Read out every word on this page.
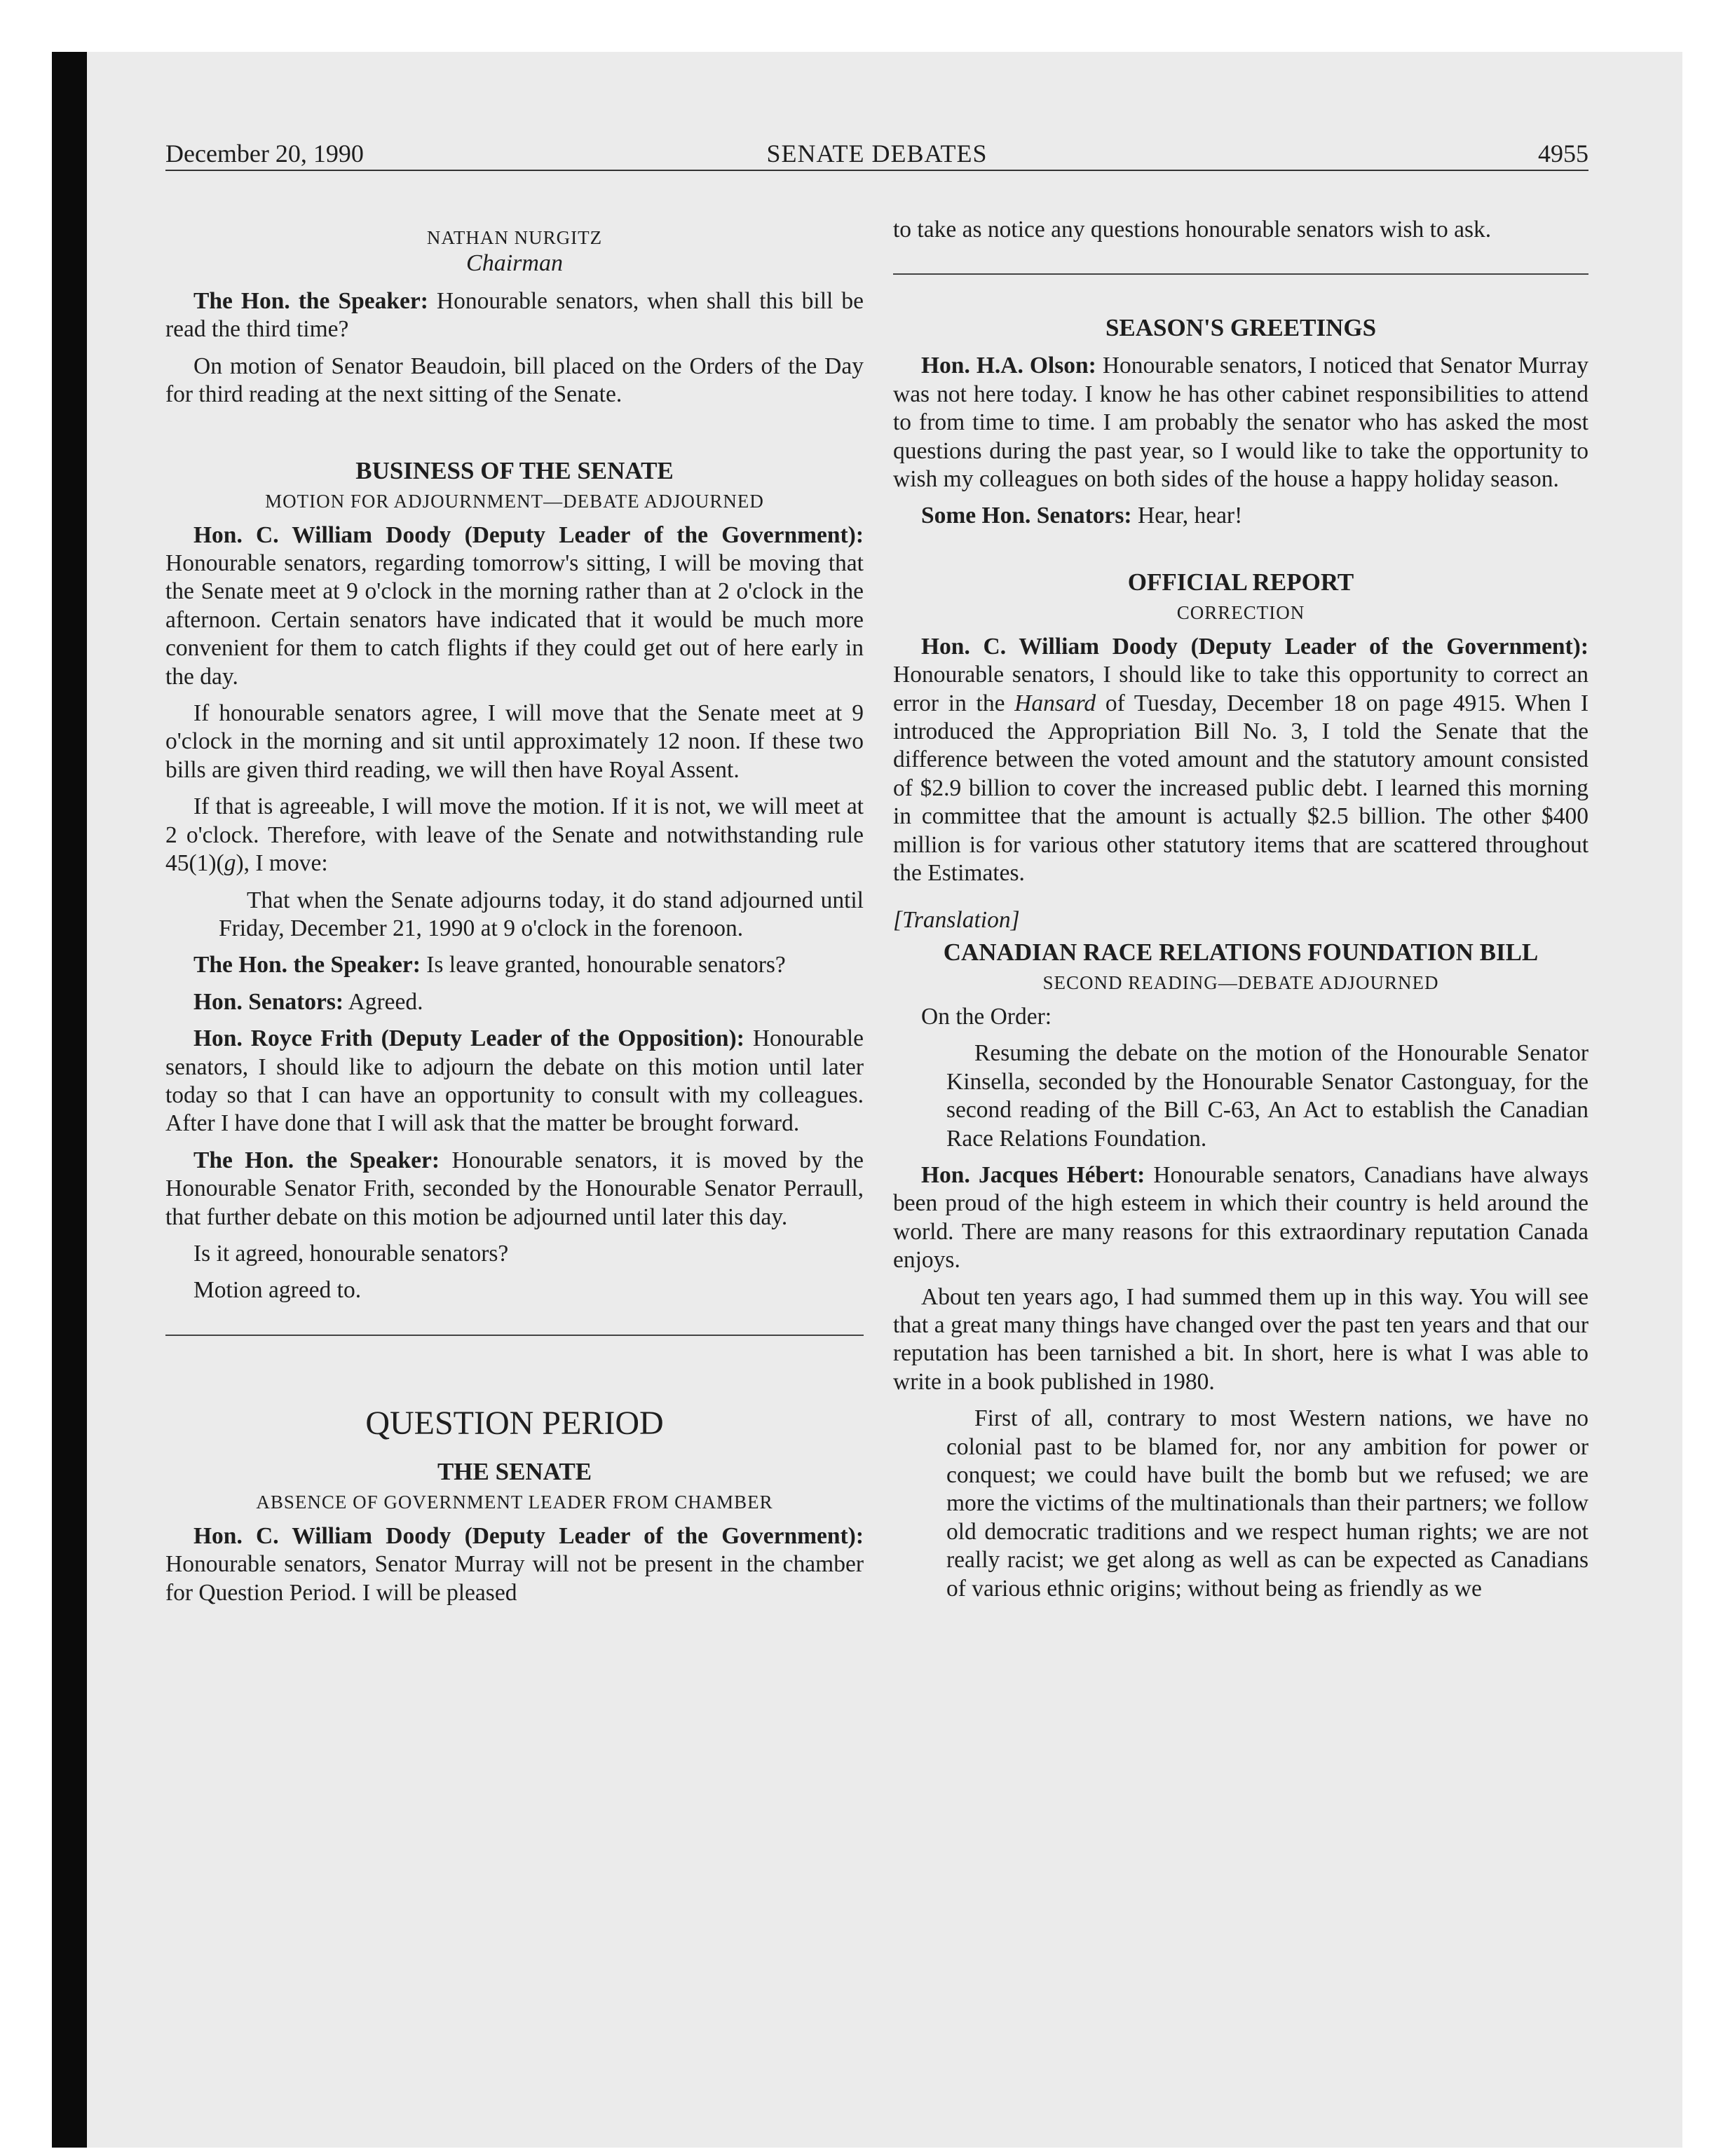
December 20, 1990	SENATE DEBATES	4955
NATHAN NURGITZ
Chairman

The Hon. the Speaker: Honourable senators, when shall this bill be read the third time?

On motion of Senator Beaudoin, bill placed on the Orders of the Day for third reading at the next sitting of the Senate.

BUSINESS OF THE SENATE
MOTION FOR ADJOURNMENT—DEBATE ADJOURNED

Hon. C. William Doody (Deputy Leader of the Government): Honourable senators, regarding tomorrow's sitting, I will be moving that the Senate meet at 9 o'clock in the morning rather than at 2 o'clock in the afternoon. Certain senators have indicated that it would be much more convenient for them to catch flights if they could get out of here early in the day.

If honourable senators agree, I will move that the Senate meet at 9 o'clock in the morning and sit until approximately 12 noon. If these two bills are given third reading, we will then have Royal Assent.

If that is agreeable, I will move the motion. If it is not, we will meet at 2 o'clock. Therefore, with leave of the Senate and notwithstanding rule 45(1)(g), I move:

That when the Senate adjourns today, it do stand adjourned until Friday, December 21, 1990 at 9 o'clock in the forenoon.

The Hon. the Speaker: Is leave granted, honourable senators?

Hon. Senators: Agreed.

Hon. Royce Frith (Deputy Leader of the Opposition): Honourable senators, I should like to adjourn the debate on this motion until later today so that I can have an opportunity to consult with my colleagues. After I have done that I will ask that the matter be brought forward.

The Hon. the Speaker: Honourable senators, it is moved by the Honourable Senator Frith, seconded by the Honourable Senator Perraull, that further debate on this motion be adjourned until later this day.

Is it agreed, honourable senators?

Motion agreed to.

QUESTION PERIOD
THE SENATE
ABSENCE OF GOVERNMENT LEADER FROM CHAMBER

Hon. C. William Doody (Deputy Leader of the Government): Honourable senators, Senator Murray will not be present in the chamber for Question Period. I will be pleased

to take as notice any questions honourable senators wish to ask.

SEASON'S GREETINGS

Hon. H.A. Olson: Honourable senators, I noticed that Senator Murray was not here today. I know he has other cabinet responsibilities to attend to from time to time. I am probably the senator who has asked the most questions during the past year, so I would like to take the opportunity to wish my colleagues on both sides of the house a happy holiday season.

Some Hon. Senators: Hear, hear!

OFFICIAL REPORT
CORRECTION

Hon. C. William Doody (Deputy Leader of the Government): Honourable senators, I should like to take this opportunity to correct an error in the Hansard of Tuesday, December 18 on page 4915. When I introduced the Appropriation Bill No. 3, I told the Senate that the difference between the voted amount and the statutory amount consisted of $2.9 billion to cover the increased public debt. I learned this morning in committee that the amount is actually $2.5 billion. The other $400 million is for various other statutory items that are scattered throughout the Estimates.

[Translation]
CANADIAN RACE RELATIONS FOUNDATION BILL
SECOND READING—DEBATE ADJOURNED

On the Order:

Resuming the debate on the motion of the Honourable Senator Kinsella, seconded by the Honourable Senator Castonguay, for the second reading of the Bill C-63, An Act to establish the Canadian Race Relations Foundation.

Hon. Jacques Hébert: Honourable senators, Canadians have always been proud of the high esteem in which their country is held around the world. There are many reasons for this extraordinary reputation Canada enjoys.

About ten years ago, I had summed them up in this way. You will see that a great many things have changed over the past ten years and that our reputation has been tarnished a bit. In short, here is what I was able to write in a book published in 1980.

First of all, contrary to most Western nations, we have no colonial past to be blamed for, nor any ambition for power or conquest; we could have built the bomb but we refused; we are more the victims of the multinationals than their partners; we follow old democratic traditions and we respect human rights; we are not really racist; we get along as well as can be expected as Canadians of various ethnic origins; without being as friendly as we
